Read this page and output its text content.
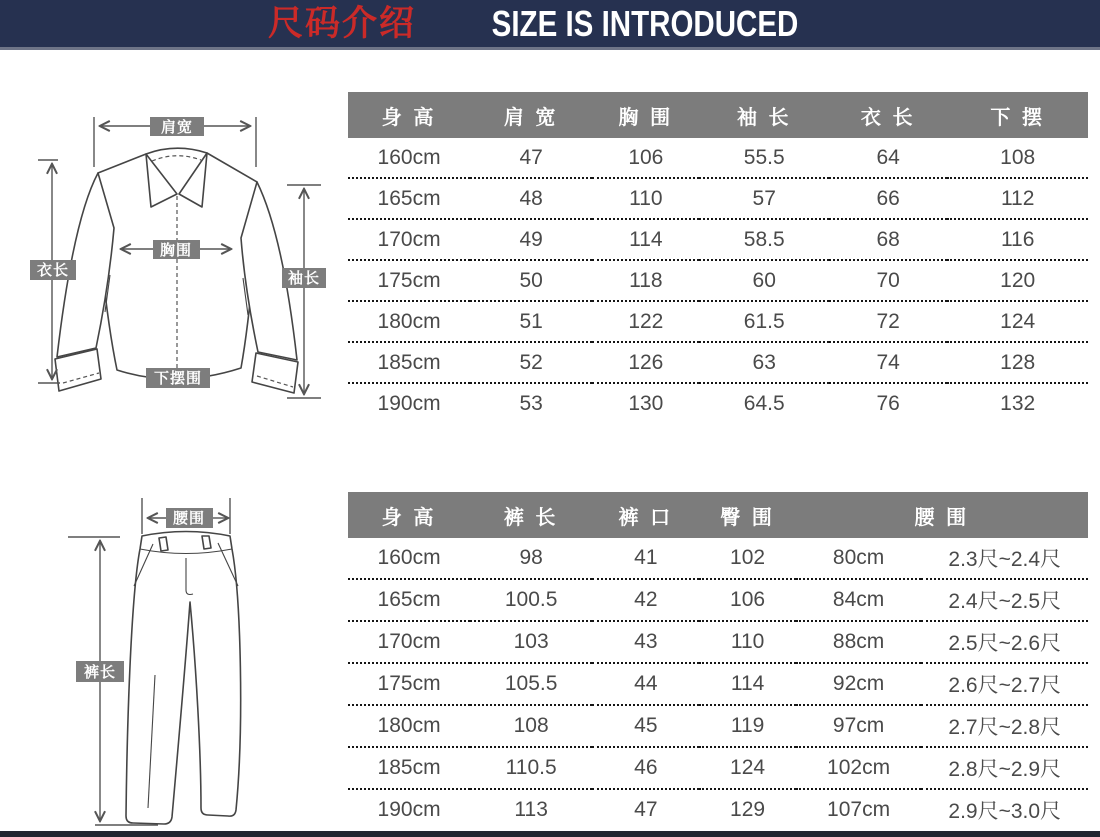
尺码介绍 SIZE IS INTRODUCED
肩宽
胸围
衣长	袖长
下摆围
腰围
裤长
身 高	肩 宽	胸 围	袖 长	衣 长	下 摆
160cm	47	106	55.5	64	108
165cm	48	110	57	66	112
170cm	49	114	58.5	68	116
175cm	50	118	60	70	120
180cm	51	122	61.5	72	124
185cm	52	126	63	74	128
190cm	53	130	64.5	76	132
身 高	裤 长	裤 口	臀 围	腰 围	
160cm	98	41	102	80cm	2.3尺~2.4尺
165cm	100.5	42	106	84cm	2.4尺~2.5尺
170cm	103	43	110	88cm	2.5尺~2.6尺
175cm	105.5	44	114	92cm	2.6尺~2.7尺
180cm	108	45	119	97cm	2.7尺~2.8尺
185cm	110.5	46	124	102cm	2.8尺~2.9尺
190cm	113	47	129	107cm	2.9尺~3.0尺
